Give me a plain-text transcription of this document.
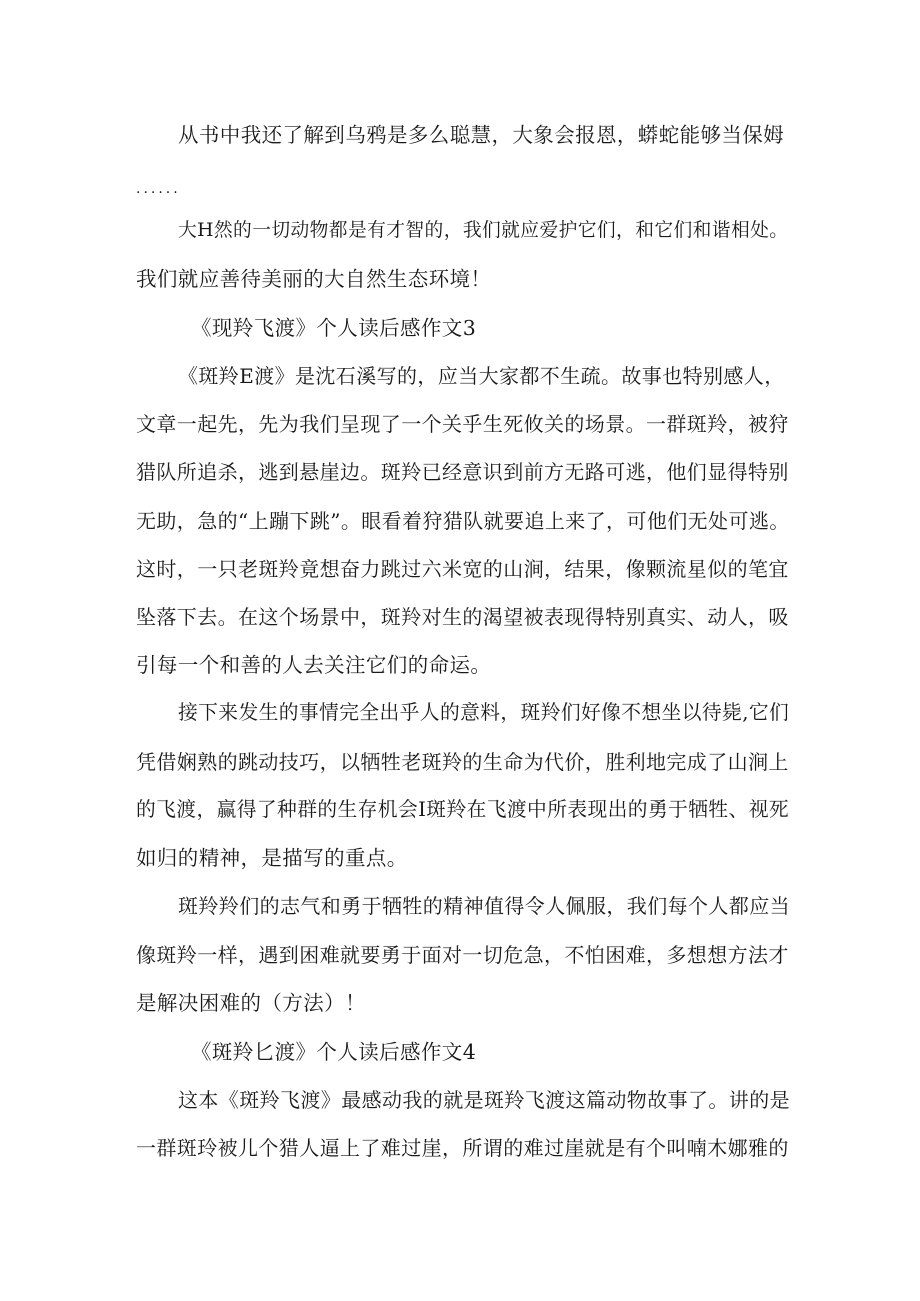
从书中我还了解到乌鸦是多么聪慧，大象会报恩，蟒蛇能够当保姆
......
大H然的一切动物都是有才智的，我们就应爱护它们，和它们和谐相处。
我们就应善待美丽的大自然生态环境！
《现羚飞渡》个人读后感作文3
《斑羚E渡》是沈石溪写的，应当大家都不生疏。故事也特别感人，
文章一起先，先为我们呈现了一个关乎生死攸关的场景。一群斑羚，被狩
猎队所追杀，逃到悬崖边。斑羚已经意识到前方无路可逃，他们显得特别
无助，急的“上蹦下跳”。眼看着狩猎队就要追上来了，可他们无处可逃。
这时，一只老斑羚竟想奋力跳过六米宽的山涧，结果，像颗流星似的笔宜
坠落下去。在这个场景中，斑羚对生的渴望被表现得特别真实、动人，吸
引每一个和善的人去关注它们的命运。
接下来发生的事情完全出乎人的意料，斑羚们好像不想坐以待毙,它们
凭借娴熟的跳动技巧，以牺牲老斑羚的生命为代价，胜利地完成了山涧上
的飞渡，赢得了种群的生存机会I斑羚在飞渡中所表现出的勇于牺牲、视死
如归的精神，是描写的重点。
斑羚羚们的志气和勇于牺牲的精神值得令人佩服，我们每个人都应当
像斑羚一样，遇到困难就要勇于面对一切危急，不怕困难，多想想方法才
是解决困难的（方法）！
《斑羚匕渡》个人读后感作文4
这本《斑羚飞渡》最感动我的就是斑羚飞渡这篇动物故事了。讲的是
一群斑玲被儿个猎人逼上了难过崖，所谓的难过崖就是有个叫喃木娜雅的
